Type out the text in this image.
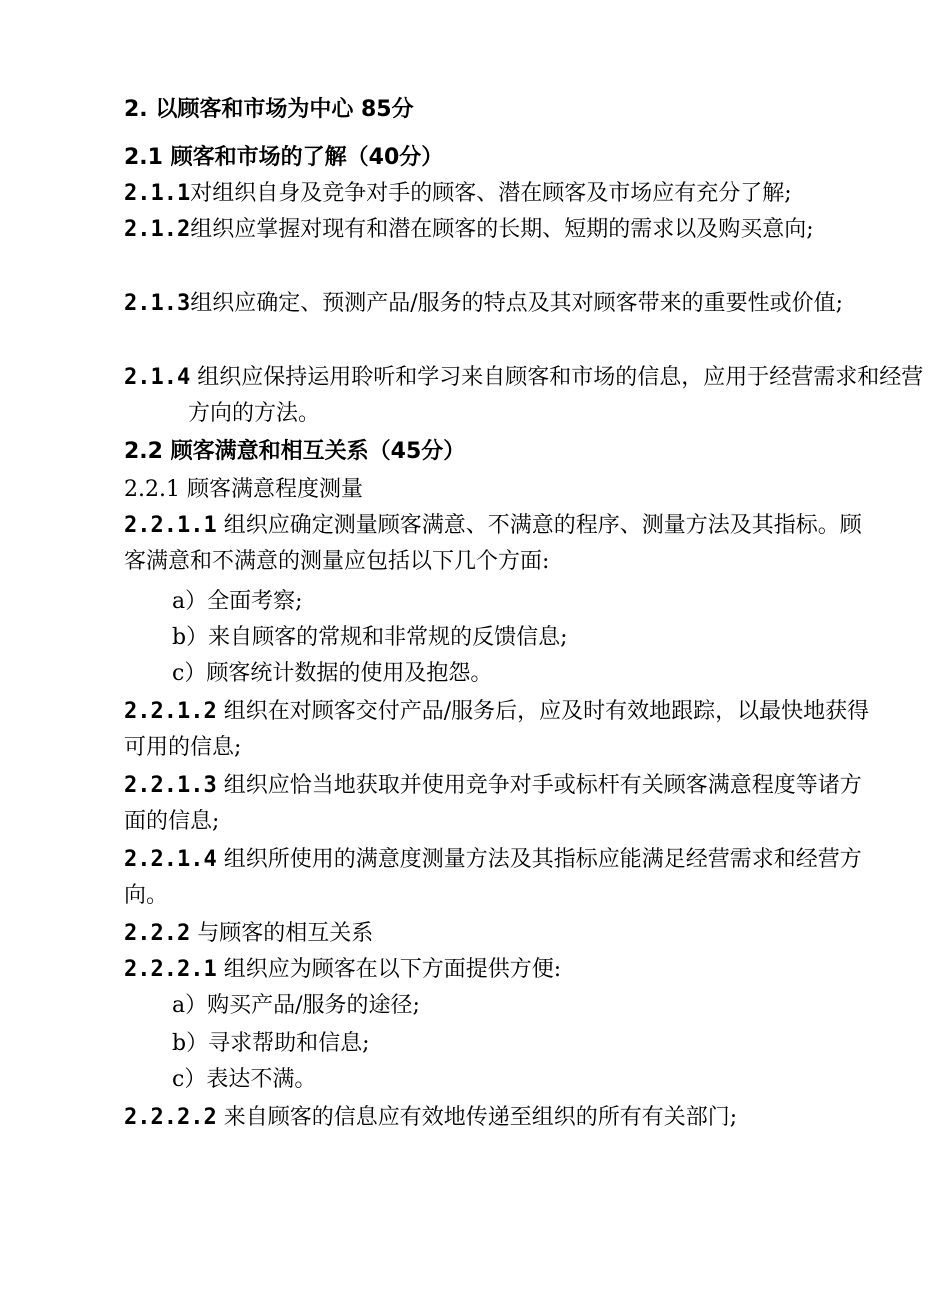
2. 以顾客和市场为中心 85分
2.1 顾客和市场的了解（40分）
2.1.1对组织自身及竞争对手的顾客、潜在顾客及市场应有充分了解;
2.1.2组织应掌握对现有和潜在顾客的长期、短期的需求以及购买意向;
2.1.3组织应确定、预测产品/服务的特点及其对顾客带来的重要性或价值;
2.1.4 组织应保持运用聆听和学习来自顾客和市场的信息，应用于经营需求和经营方向的方法。
2.2 顾客满意和相互关系（45分）
2.2.1 顾客满意程度测量
2.2.1.1 组织应确定测量顾客满意、不满意的程序、测量方法及其指标。顾客满意和不满意的测量应包括以下几个方面:
a）全面考察;
b）来自顾客的常规和非常规的反馈信息;
c）顾客统计数据的使用及抱怨。
2.2.1.2 组织在对顾客交付产品/服务后，应及时有效地跟踪，以最快地获得可用的信息;
2.2.1.3 组织应恰当地获取并使用竞争对手或标杆有关顾客满意程度等诸方面的信息;
2.2.1.4 组织所使用的满意度测量方法及其指标应能满足经营需求和经营方向。
2.2.2 与顾客的相互关系
2.2.2.1 组织应为顾客在以下方面提供方便:
a）购买产品/服务的途径;
b）寻求帮助和信息;
c）表达不满。
2.2.2.2 来自顾客的信息应有效地传递至组织的所有有关部门;
